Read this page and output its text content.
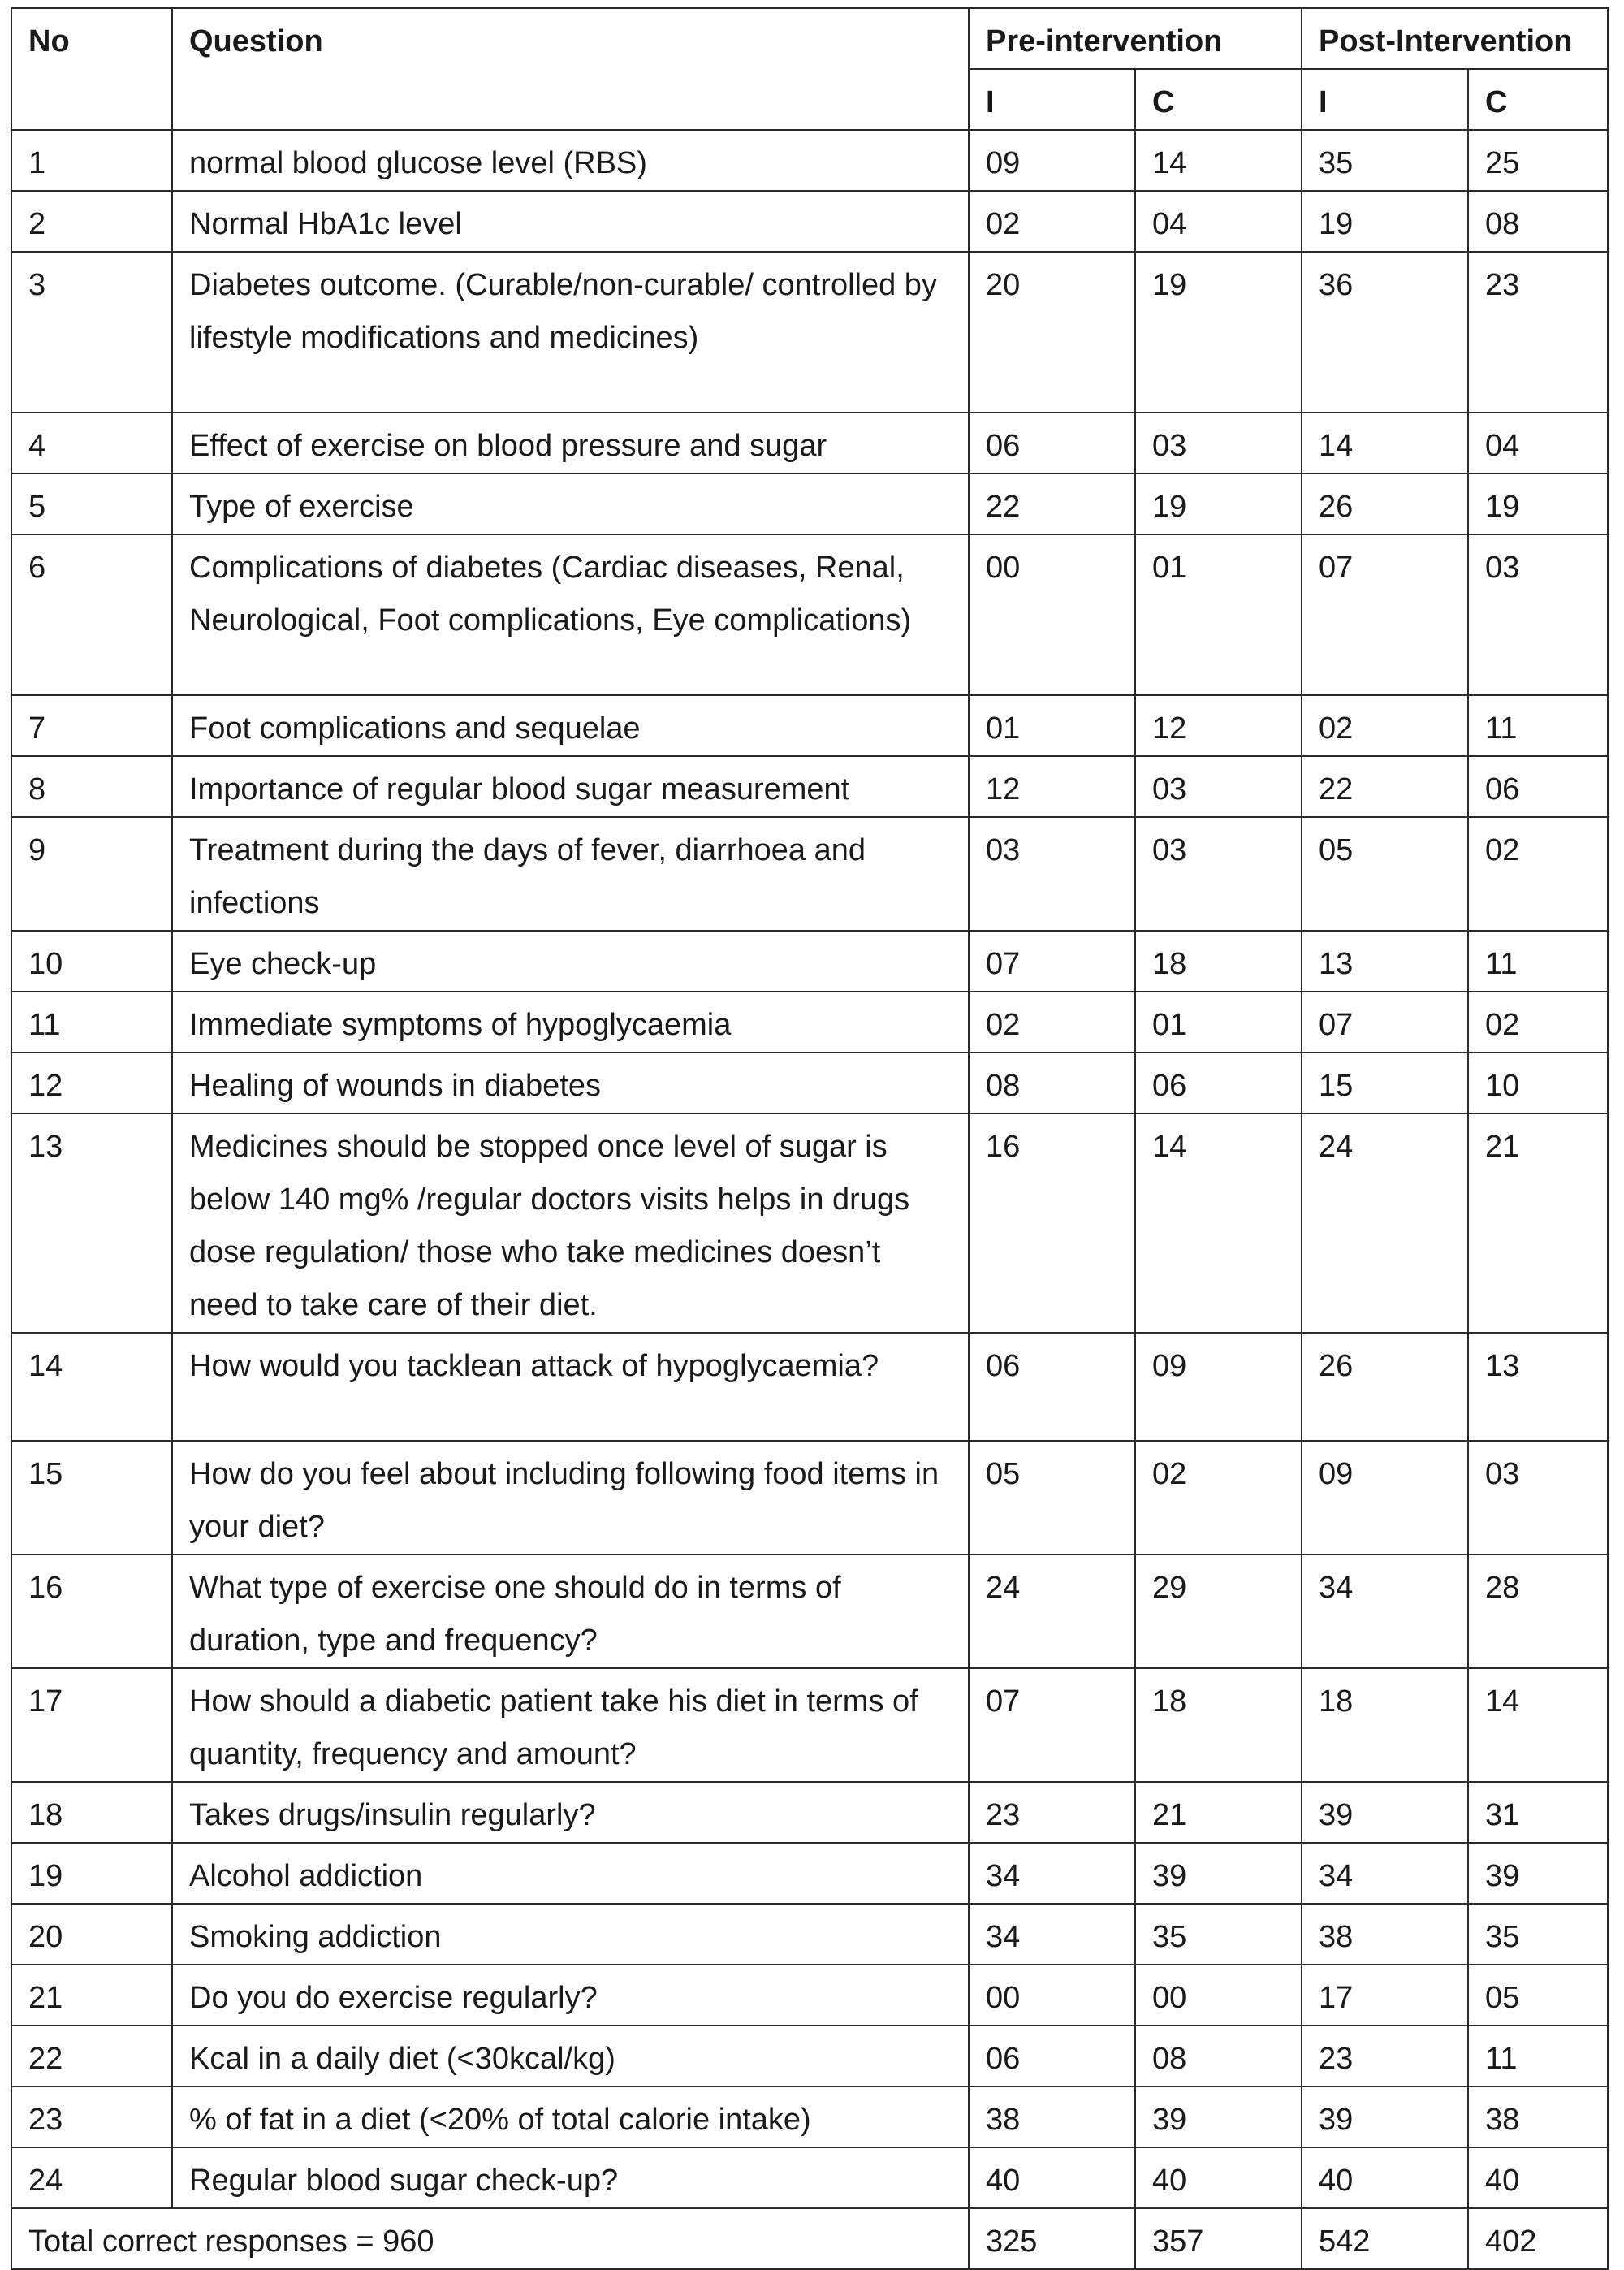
No	Question	Pre-intervention		Post-Intervention	
		I	C	I	C
1	normal blood glucose level (RBS)	09	14	35	25
2	Normal HbA1c level	02	04	19	08
3	Diabetes outcome. (Curable/non-curable/ controlled by lifestyle modifications and medicines)	20	19	36	23
4	Effect of exercise on blood pressure and sugar	06	03	14	04
5	Type of exercise	22	19	26	19
6	Complications of diabetes (Cardiac diseases, Renal, Neurological, Foot complications, Eye complications)	00	01	07	03
7	Foot complications and sequelae	01	12	02	11
8	Importance of regular blood sugar measurement	12	03	22	06
9	Treatment during the days of fever, diarrhoea and infections	03	03	05	02
10	Eye check-up	07	18	13	11
11	Immediate symptoms of hypoglycaemia	02	01	07	02
12	Healing of wounds in diabetes	08	06	15	10
13	Medicines should be stopped once level of sugar is below 140 mg% /regular doctors visits helps in drugs dose regulation/ those who take medicines doesn’t need to take care of their diet.	16	14	24	21
14	How would you tacklean attack of hypoglycaemia?	06	09	26	13
15	How do you feel about including following food items in your diet?	05	02	09	03
16	What type of exercise one should do in terms of duration, type and frequency?	24	29	34	28
17	How should a diabetic patient take his diet in terms of quantity, frequency and amount?	07	18	18	14
18	Takes drugs/insulin regularly?	23	21	39	31
19	Alcohol addiction	34	39	34	39
20	Smoking addiction	34	35	38	35
21	Do you do exercise regularly?	00	00	17	05
22	Kcal in a daily diet (<30kcal/kg)	06	08	23	11
23	% of fat in a diet (<20% of total calorie intake)	38	39	39	38
24	Regular blood sugar check-up?	40	40	40	40
Total correct responses = 960		325	357	542	402
